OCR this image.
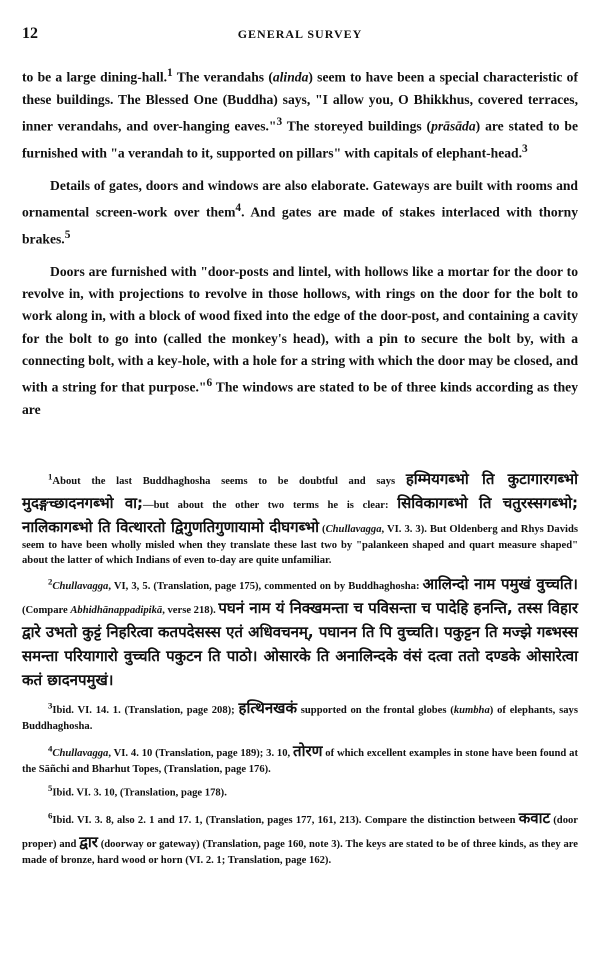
12	GENERAL SURVEY

to be a large dining-hall.$^1$ The verandahs (alinda) seem to have been a special characteristic of these buildings. The Blessed One (Buddha) says, "I allow you, O Bhikkhus, covered terraces, inner verandahs, and over-hanging eaves."$^3$ The storeyed buildings (prāsāda) are stated to be furnished with "a verandah to it, supported on pillars" with capitals of elephant-head.$^3$

Details of gates, doors and windows are also elaborate. Gateways are built with rooms and ornamental screen-work over them$^4$. And gates are made of stakes interlaced with thorny brakes.$^5$

Doors are furnished with "door-posts and lintel, with hollows like a mortar for the door to revolve in, with projections to revolve in those hollows, with rings on the door for the bolt to work along in, with a block of wood fixed into the edge of the door-post, and containing a cavity for the bolt to go into (called the monkey's head), with a pin to secure the bolt by, with a connecting bolt, with a key-hole, with a hole for a string with which the door may be closed, and with a string for that purpose."$^6$ The windows are stated to be of three kinds according as they are

$^1$About the last Buddhaghosha seems to be doubtful and says हम्मियगब्भो ति कुटागारगब्भो मुदङ्गच्छादनगब्भो वा;—but about the other two terms he is clear: सिविकागब्भो ति चतुरस्सगब्भो; नालिकागब्भो ति वित्थारतो द्विगुणतिगुणायामो दीघगब्भो (Chullavagga, VI. 3. 3). But Oldenberg and Rhys Davids seem to have been wholly misled when they translate these last two by "palankeen shaped and quart measure shaped" about the latter of which Indians of even to-day are quite unfamiliar.
$^2$Chullavagga, VI, 3, 5. (Translation, page 175), commented on by Buddhaghosha: आलिन्दो नाम पमुखं वुच्चति। (Compare Abhidhānappadipikā, verse 218). पघनं नाम यं निक्खमन्ता च पविसन्ता च पादेहि हनन्ति, तस्स विहार द्वारे उभतो कुट्टं निहरित्वा कतपदेसस्स एतं अधिवचनम्, पघानन ति पि वुच्चति। पकुट्टन ति मज्झे गब्भस्स समन्ता परियागारो वुच्चति पकुटन ति पाठो। ओसारके ति अनालिन्दके वंसं दत्वा ततो दण्डके ओसारेत्वा कतं छादनपमुखं।
$^3$Ibid. VI. 14. 1. (Translation, page 208); हत्थिनखकं supported on the frontal globes (kumbha) of elephants, says Buddhaghosha.
$^4$Chullavagga, VI. 4. 10 (Translation, page 189); 3. 10, तोरण of which excellent examples in stone have been found at the Sāñchi and Bharhut Topes, (Translation, page 176).
$^5$Ibid. VI. 3. 10, (Translation, page 178).
$^6$Ibid. VI. 3. 8, also 2. 1 and 17. 1, (Translation, pages 177, 161, 213). Compare the distinction between कवाट (door proper) and द्वार (doorway or gateway) (Translation, page 160, note 3). The keys are stated to be of three kinds, as they are made of bronze, hard wood or horn (VI. 2. 1; Translation, page 162).
